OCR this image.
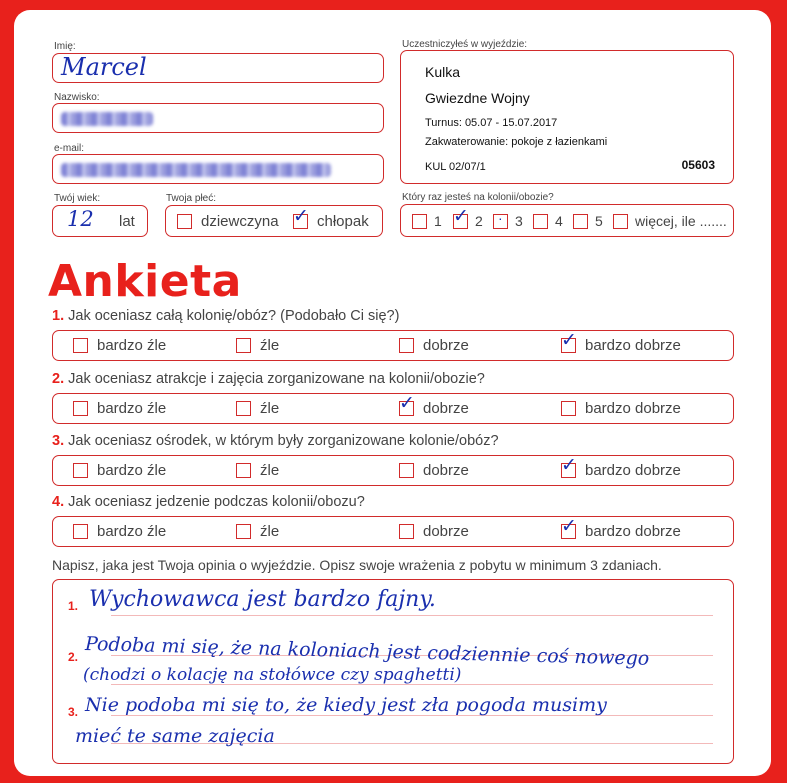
Imię:
Marcel
Nazwisko:
e-mail:
Twój wiek:
12 lat
Twoja płeć:
dziewczyna ✓ chłopak
Uczestniczyłeś w wyjeździe:
Kulka
Gwiezdne Wojny
Turnus: 05.07 - 15.07.2017
Zakwaterowanie: pokoje z łazienkami
KUL 02/07/1	05603
Który raz jesteś na kolonii/obozie?
1 ✓ 2 · 3 4 5 więcej, ile .......
Ankieta
1. Jak oceniasz całą kolonię/obóz? (Podobało Ci się?)
bardzo źle	źle	dobrze	✓ bardzo dobrze
2. Jak oceniasz atrakcje i zajęcia zorganizowane na kolonii/obozie?
bardzo źle	źle	✓ dobrze	bardzo dobrze
3. Jak oceniasz ośrodek, w którym były zorganizowane kolonie/obóz?
bardzo źle	źle	dobrze	✓ bardzo dobrze
4. Jak oceniasz jedzenie podczas kolonii/obozu?
bardzo źle	źle	dobrze	✓ bardzo dobrze
Napisz, jaka jest Twoja opinia o wyjeździe. Opisz swoje wrażenia z pobytu w minimum 3 zdaniach.
1.
2.
3.
Wychowawca jest bardzo fajny.
Podoba mi się, że na koloniach jest codziennie coś nowego
(chodzi o kolację na stołówce czy spaghetti)
Nie podoba mi się to, że kiedy jest zła pogoda musimy
mieć te same zajęcia
